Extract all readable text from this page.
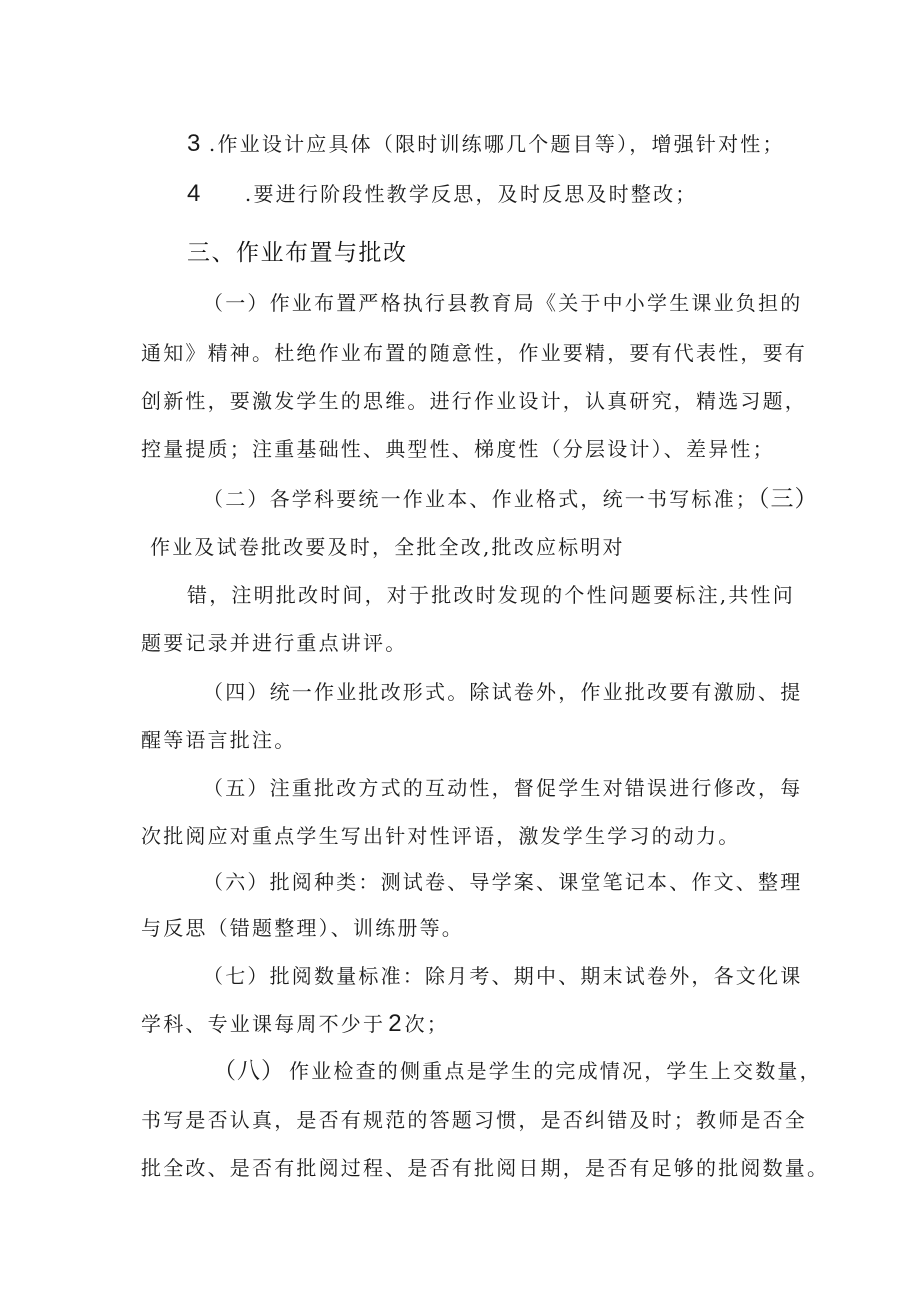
3 .作业设计应具体（限时训练哪几个题目等），增强针对性；
4 .要进行阶段性教学反思，及时反思及时整改；
三、作业布置与批改
（一）作业布置严格执行县教育局《关于中小学生课业负担的
通知》精神。杜绝作业布置的随意性，作业要精，要有代表性，要有
创新性，要激发学生的思维。进行作业设计，认真研究，精选习题，
控量提质；注重基础性、典型性、梯度性（分层设计）、差异性；
（二）各学科要统一作业本、作业格式，统一书写标准；（三）
作业及试卷批改要及时，全批全改,批改应标明对
错，注明批改时间，对于批改时发现的个性问题要标注,共性问
题要记录并进行重点讲评。
（四）统一作业批改形式。除试卷外，作业批改要有激励、提
醒等语言批注。
（五）注重批改方式的互动性，督促学生对错误进行修改，每
次批阅应对重点学生写出针对性评语，激发学生学习的动力。
（六）批阅种类：测试卷、导学案、课堂笔记本、作文、整理
与反思（错题整理）、训练册等。
（七）批阅数量标准：除月考、期中、期末试卷外，各文化课
学科、专业课每周不少于 2 次；
（八） 作业检查的侧重点是学生的完成情况，学生上交数量，
书写是否认真，是否有规范的答题习惯，是否纠错及时；教师是否全
批全改、是否有批阅过程、是否有批阅日期，是否有足够的批阅数量。
